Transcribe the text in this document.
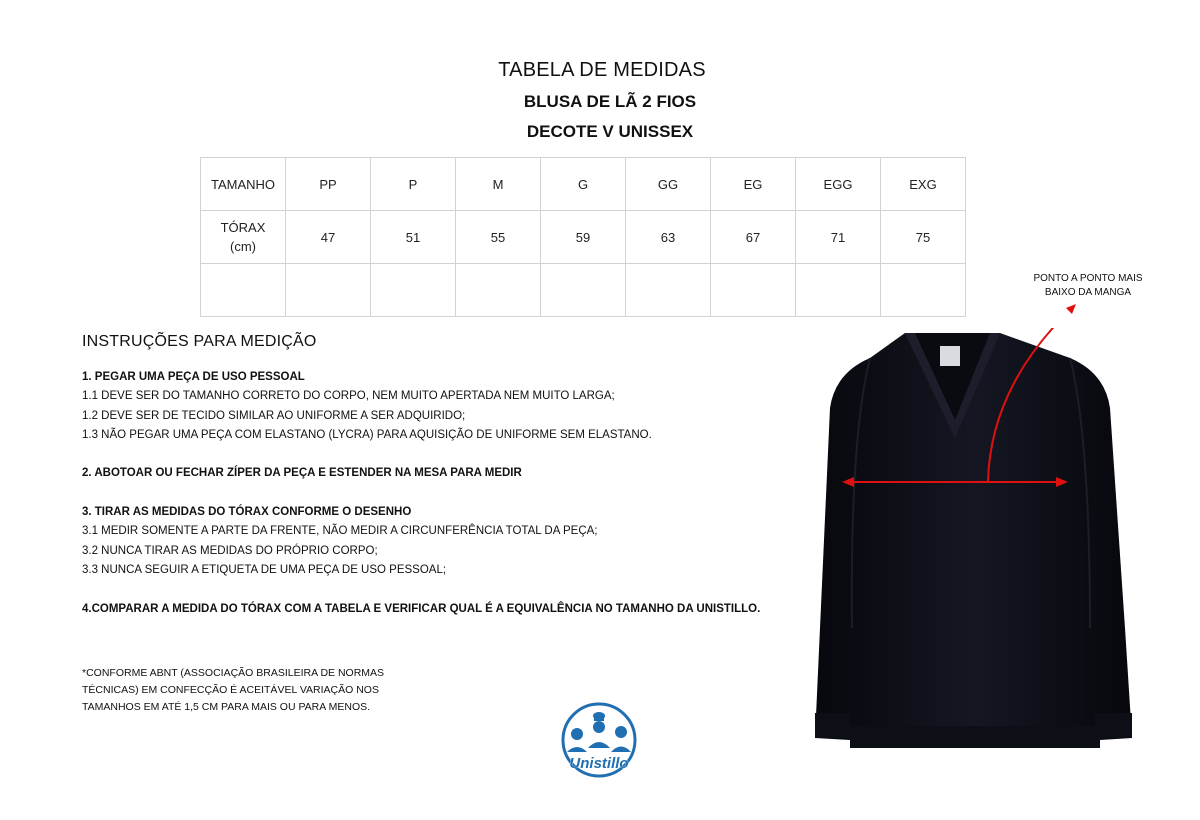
TABELA DE MEDIDAS
BLUSA DE LÃ 2 FIOS
DECOTE V UNISSEX
TAMANHO	PP	P	M	G	GG	EG	EGG	EXG
TÓRAX (cm)	47	51	55	59	63	67	71	75

INSTRUÇÕES PARA MEDIÇÃO
1. PEGAR UMA PEÇA DE USO PESSOAL
1.1 DEVE SER DO TAMANHO CORRETO DO CORPO, NEM MUITO APERTADA NEM MUITO LARGA;
1.2 DEVE SER DE TECIDO SIMILAR AO UNIFORME A SER ADQUIRIDO;
1.3 NÃO PEGAR UMA PEÇA COM ELASTANO (LYCRA) PARA AQUISIÇÃO DE UNIFORME SEM ELASTANO.
2. ABOTOAR OU FECHAR ZÍPER DA PEÇA E ESTENDER NA MESA PARA MEDIR
3. TIRAR AS MEDIDAS DO TÓRAX CONFORME O DESENHO
3.1 MEDIR SOMENTE A PARTE DA FRENTE, NÃO MEDIR A CIRCUNFERÊNCIA TOTAL DA PEÇA;
3.2 NUNCA TIRAR AS MEDIDAS DO PRÓPRIO CORPO;
3.3 NUNCA SEGUIR A ETIQUETA DE UMA PEÇA DE USO PESSOAL;
4.COMPARAR A MEDIDA DO TÓRAX COM A TABELA E VERIFICAR QUAL É A EQUIVALÊNCIA NO TAMANHO DA UNISTILLO.
*CONFORME ABNT (ASSOCIAÇÃO BRASILEIRA DE NORMAS
TÉCNICAS) EM CONFECÇÃO É ACEITÁVEL VARIAÇÃO NOS
TAMANHOS EM ATÉ 1,5 CM PARA MAIS OU PARA MENOS.
Unistillo
PONTO A PONTO MAIS
BAIXO DA MANGA
